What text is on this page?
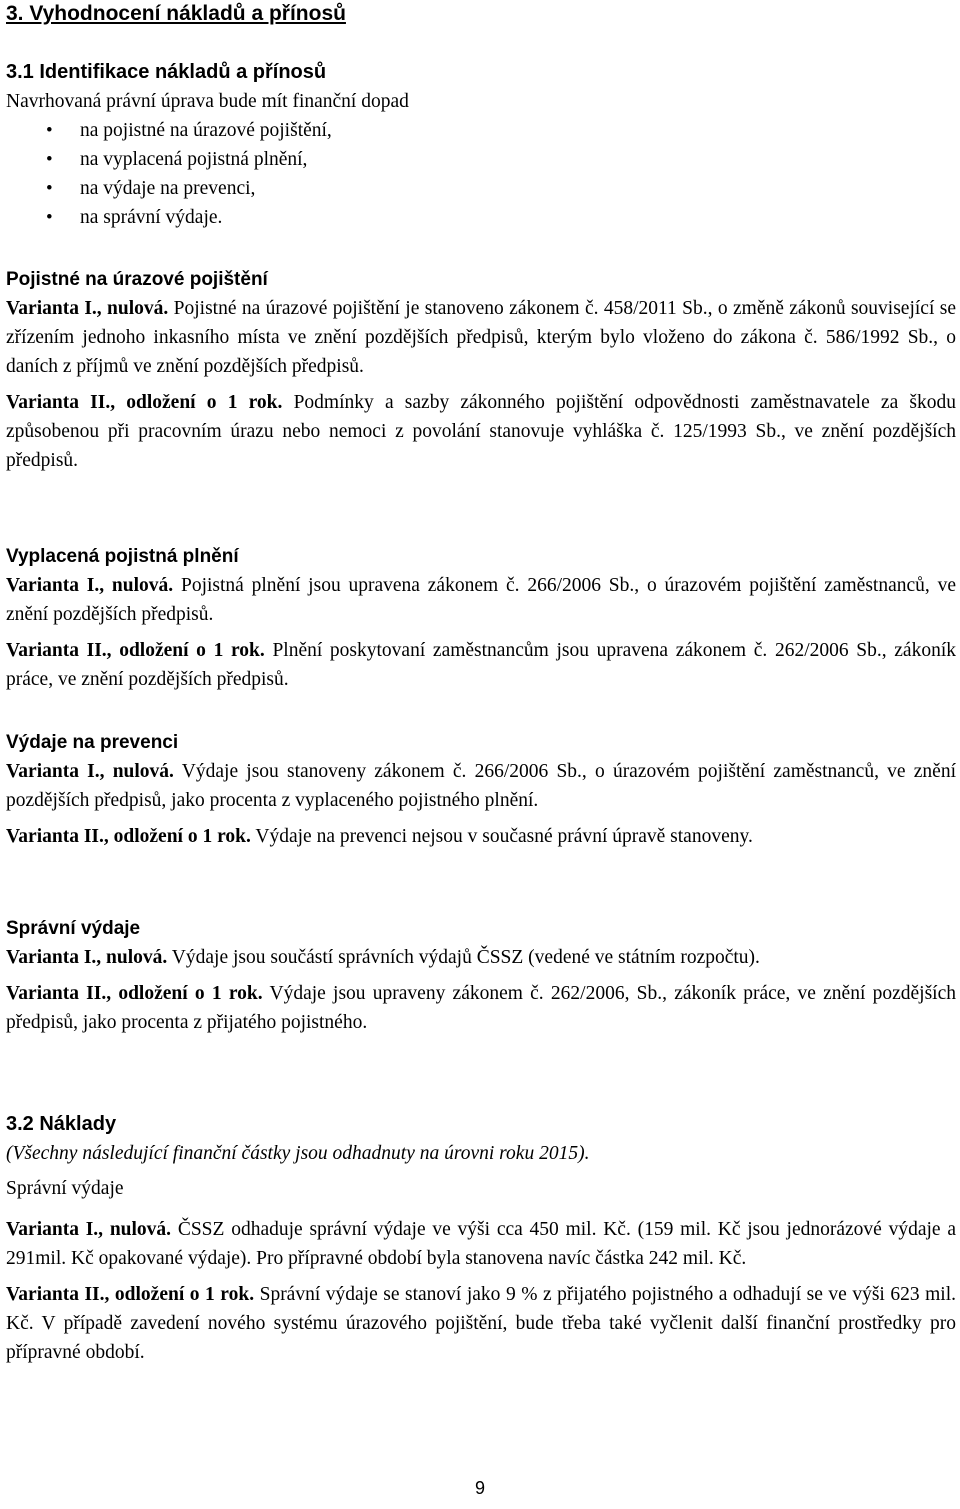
3. Vyhodnocení nákladů a přínosů

3.1 Identifikace nákladů a přínosů

Navrhovaná právní úprava bude mít finanční dopad

• na pojistné na úrazové pojištění,
• na vyplacená pojistná plnění,
• na výdaje na prevenci,
• na správní výdaje.

Pojistné na úrazové pojištění

Varianta I., nulová. Pojistné na úrazové pojištění je stanoveno zákonem č. 458/2011 Sb., o změně zákonů související se zřízením jednoho inkasního místa ve znění pozdějších předpisů, kterým bylo vloženo do zákona č. 586/1992 Sb., o daních z příjmů ve znění pozdějších předpisů.

Varianta II., odložení o 1 rok. Podmínky a sazby zákonného pojištění odpovědnosti zaměstnavatele za škodu způsobenou při pracovním úrazu nebo nemoci z povolání stanovuje vyhláška č. 125/1993 Sb., ve znění pozdějších předpisů.

Vyplacená pojistná plnění

Varianta I., nulová. Pojistná plnění jsou upravena zákonem č. 266/2006 Sb., o úrazovém pojištění zaměstnanců, ve znění pozdějších předpisů.

Varianta II., odložení o 1 rok. Plnění poskytovaní zaměstnancům jsou upravena zákonem č. 262/2006 Sb., zákoník práce, ve znění pozdějších předpisů.

Výdaje na prevenci

Varianta I., nulová. Výdaje jsou stanoveny zákonem č. 266/2006 Sb., o úrazovém pojištění zaměstnanců, ve znění pozdějších předpisů, jako procenta z vyplaceného pojistného plnění.

Varianta II., odložení o 1 rok. Výdaje na prevenci nejsou v současné právní úpravě stanoveny.

Správní výdaje

Varianta I., nulová. Výdaje jsou součástí správních výdajů ČSSZ (vedené ve státním rozpočtu).

Varianta II., odložení o 1 rok. Výdaje jsou upraveny zákonem č. 262/2006, Sb., zákoník práce, ve znění pozdějších předpisů, jako procenta z přijatého pojistného.

3.2 Náklady

(Všechny následující finanční částky jsou odhadnuty na úrovni roku 2015).

Správní výdaje

Varianta I., nulová. ČSSZ odhaduje správní výdaje ve výši cca 450 mil. Kč. (159 mil. Kč jsou jednorázové výdaje a 291mil. Kč opakované výdaje). Pro přípravné období byla stanovena navíc částka 242 mil. Kč.

Varianta II., odložení o 1 rok. Správní výdaje se stanoví jako 9 % z přijatého pojistného a odhadují se ve výši 623 mil. Kč. V případě zavedení nového systému úrazového pojištění, bude třeba také vyčlenit další finanční prostředky pro přípravné období.

9
